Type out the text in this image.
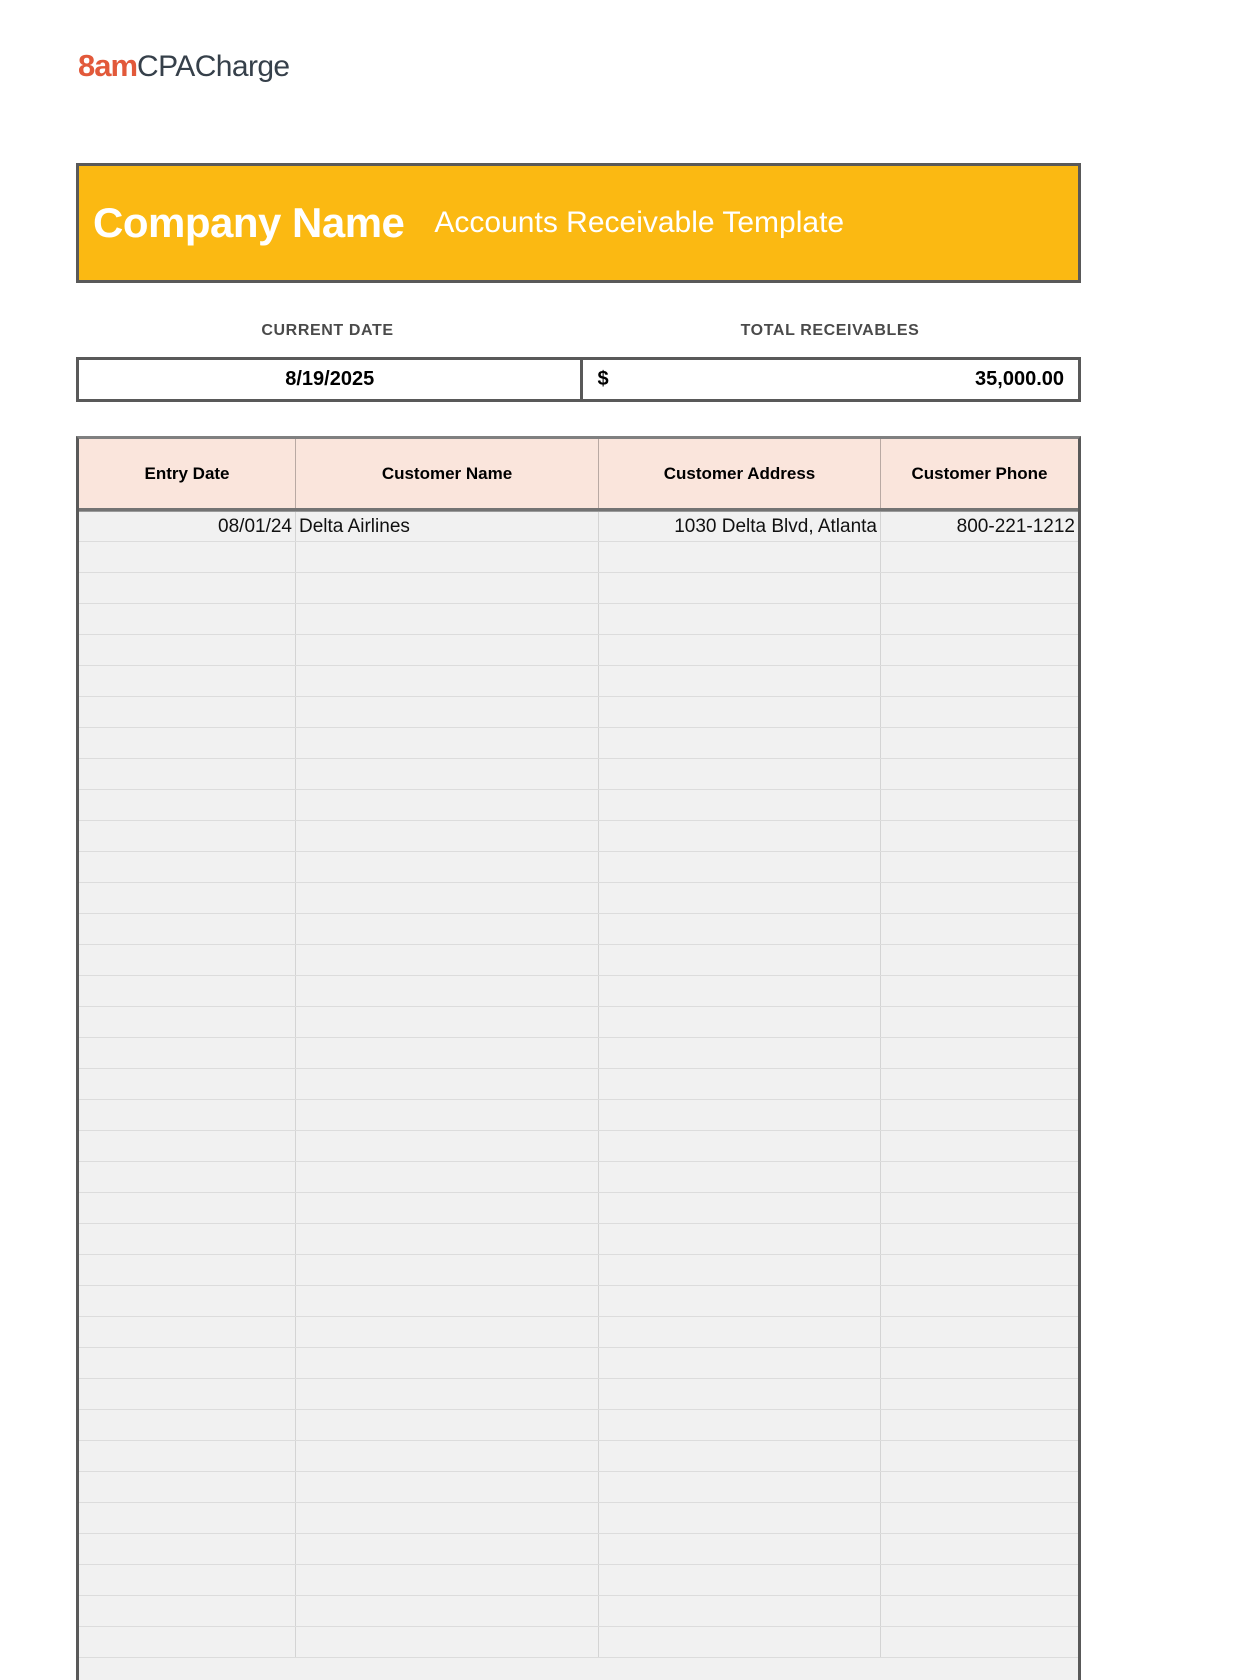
8amCPACharge
Company Name Accounts Receivable Template
CURRENT DATE	TOTAL RECEIVABLES
8/19/2025	$	35,000.00
Entry Date	Customer Name	Customer Address	Customer Phone
08/01/24 Delta Airlines	1030 Delta Blvd, Atlanta	800-221-1212
